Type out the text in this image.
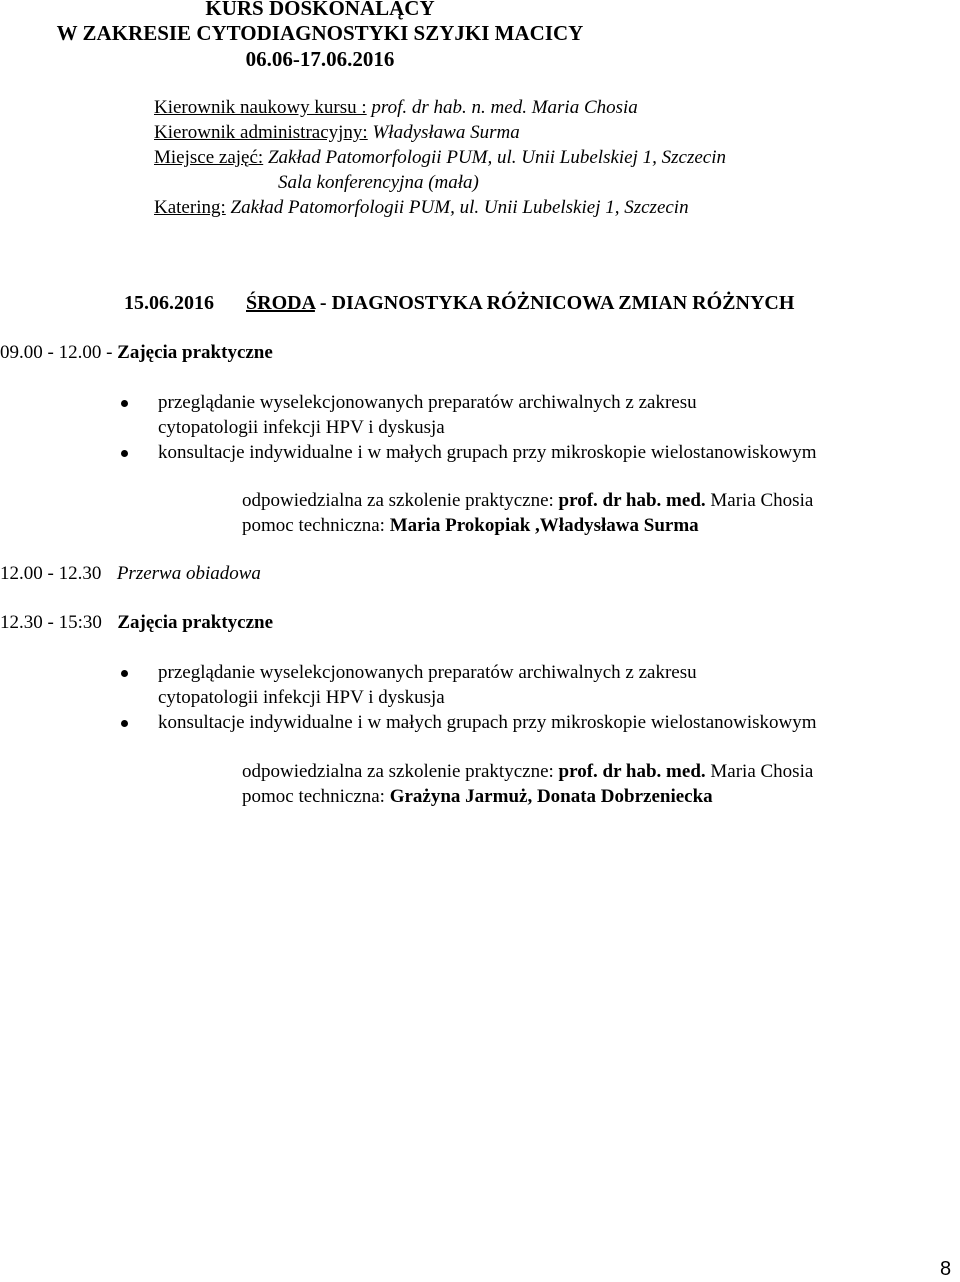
KURS DOSKONALĄCY
W ZAKRESIE CYTODIAGNOSTYKI SZYJKI MACICY
06.06-17.06.2016
Kierownik naukowy kursu : prof. dr hab. n. med. Maria Chosia
Kierownik administracyjny: Władysława Surma
Miejsce zajęć: Zakład Patomorfologii PUM, ul. Unii Lubelskiej 1, Szczecin
Sala konferencyjna (mała)
Katering: Zakład Patomorfologii PUM, ul. Unii Lubelskiej 1, Szczecin
15.06.2016 ŚRODA - DIAGNOSTYKA RÓŻNICOWA ZMIAN RÓŻNYCH
09.00 - 12.00 - Zajęcia praktyczne
przeglądanie wyselekcjonowanych preparatów archiwalnych z zakresu
cytopatologii infekcji HPV i dyskusja
konsultacje indywidualne i w małych grupach przy mikroskopie wielostanowiskowym
odpowiedzialna za szkolenie praktyczne: prof. dr hab. med. Maria Chosia
pomoc techniczna: Maria Prokopiak ,Władysława Surma
12.00 - 12.30 Przerwa obiadowa
12.30 - 15:30 Zajęcia praktyczne
przeglądanie wyselekcjonowanych preparatów archiwalnych z zakresu
cytopatologii infekcji HPV i dyskusja
konsultacje indywidualne i w małych grupach przy mikroskopie wielostanowiskowym
odpowiedzialna za szkolenie praktyczne: prof. dr hab. med. Maria Chosia
pomoc techniczna: Grażyna Jarmuż, Donata Dobrzeniecka
8
